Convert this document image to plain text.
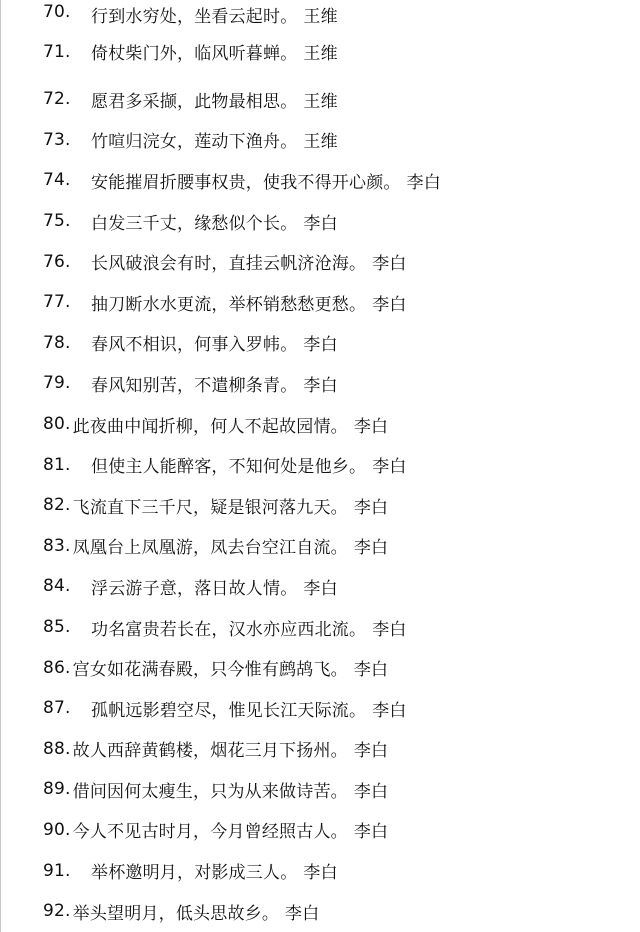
70.	行到水穷处，坐看云起时。 王维
71.	倚杖柴门外，临风听暮蝉。 王维
72.	愿君多采撷，此物最相思。 王维
73.	竹喧归浣女，莲动下渔舟。 王维
74.	安能摧眉折腰事权贵，使我不得开心颜。 李白
75.	白发三千丈，缘愁似个长。 李白
76.	长风破浪会有时，直挂云帆济沧海。 李白
77.	抽刀断水水更流，举杯销愁愁更愁。 李白
78.	春风不相识，何事入罗帏。 李白
79.	春风知别苦，不遣柳条青。 李白
80. 此夜曲中闻折柳，何人不起故园情。 李白
81.	但使主人能醉客，不知何处是他乡。 李白
82. 飞流直下三千尺，疑是银河落九天。 李白
83. 凤凰台上凤凰游，凤去台空江自流。 李白
84.	浮云游子意，落日故人情。 李白
85.	功名富贵若长在，汉水亦应西北流。 李白
86. 宫女如花满春殿，只今惟有鹧鸪飞。 李白
87.	孤帆远影碧空尽，惟见长江天际流。 李白
88. 故人西辞黄鹤楼，烟花三月下扬州。 李白
89. 借问因何太瘦生，只为从来做诗苦。 李白
90. 今人不见古时月，今月曾经照古人。 李白
91.	举杯邀明月，对影成三人。 李白
92. 举头望明月，低头思故乡。 李白
